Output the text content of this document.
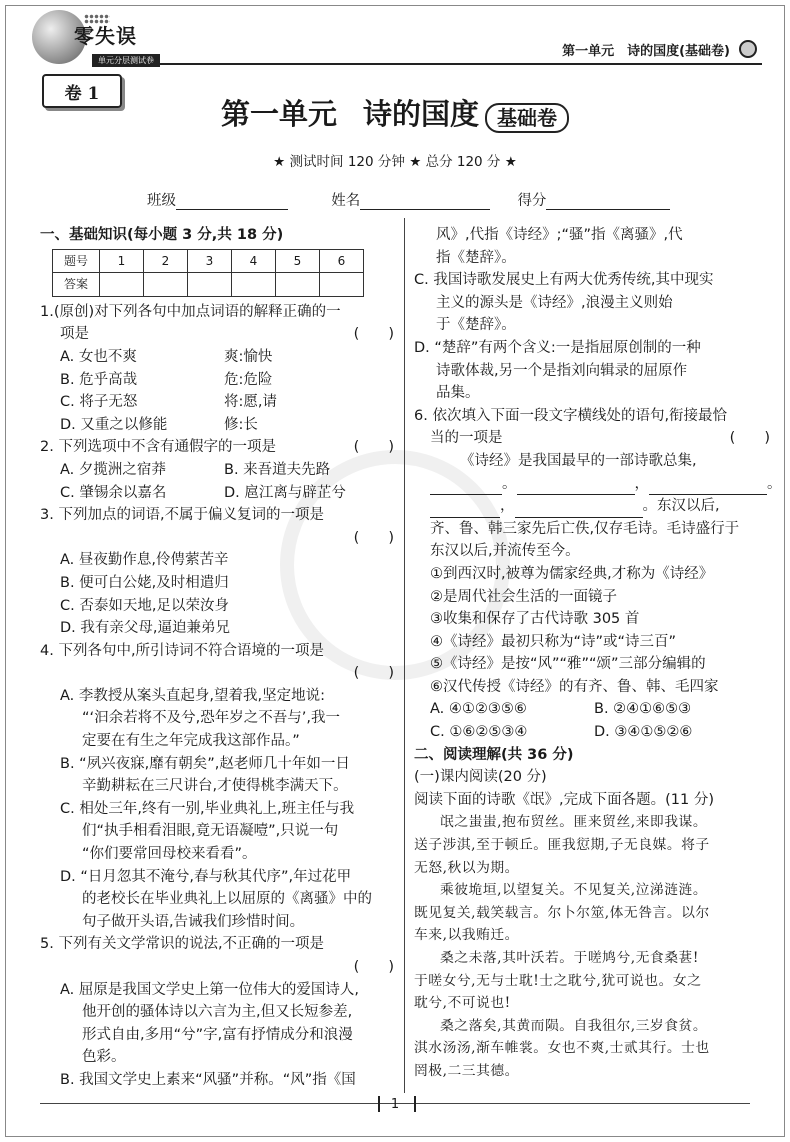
零失误
单元分层测试卷
第一单元　诗的国度(基础卷)
卷 1
第一单元 诗的国度 基础卷
★ 测试时间 120 分钟 ★ 总分 120 分 ★
班级	姓名	得分
一、基础知识(每小题 3 分,共 18 分)
题号	1	2	3	4	5	6
答案						
1.(原创)对下列各句中加点词语的解释正确的一
项是	(　　)
A. 女也不爽	爽:愉快
B. 危乎高哉	危:危险
C. 将子无怒	将:愿,请
D. 又重之以修能	修:长
2. 下列选项中不含有通假字的一项是	(　　)
A. 夕揽洲之宿莽	B. 来吾道夫先路
C. 肇锡余以嘉名	D. 扈江离与辟芷兮
3. 下列加点的词语,不属于偏义复词的一项是
(　　)
A. 昼夜勤作息,伶俜萦苦辛
B. 便可白公姥,及时相遣归
C. 否泰如天地,足以荣汝身
D. 我有亲父母,逼迫兼弟兄
4. 下列各句中,所引诗词不符合语境的一项是
(　　)
A. 李教授从案头直起身,望着我,坚定地说:
“‘汩余若将不及兮,恐年岁之不吾与’,我一
定要在有生之年完成我这部作品。”
B. “夙兴夜寐,靡有朝矣”,赵老师几十年如一日
辛勤耕耘在三尺讲台,才使得桃李满天下。
C. 相处三年,终有一别,毕业典礼上,班主任与我
们“执手相看泪眼,竟无语凝噎”,只说一句
“你们要常回母校来看看”。
D. “日月忽其不淹兮,春与秋其代序”,年过花甲
的老校长在毕业典礼上以屈原的《离骚》中的
句子做开头语,告诫我们珍惜时间。
5. 下列有关文学常识的说法,不正确的一项是
(　　)
A. 屈原是我国文学史上第一位伟大的爱国诗人,
他开创的骚体诗以六言为主,但又长短参差,
形式自由,多用“兮”字,富有抒情成分和浪漫
色彩。
B. 我国文学史上素来“风骚”并称。“风”指《国
风》,代指《诗经》;“骚”指《离骚》,代
指《楚辞》。
C. 我国诗歌发展史上有两大优秀传统,其中现实
主义的源头是《诗经》,浪漫主义则始
于《楚辞》。
D. “楚辞”有两个含义:一是指屈原创制的一种
诗歌体裁,另一个是指刘向辑录的屈原作
品集。
6. 依次填入下面一段文字横线处的语句,衔接最恰
当的一项是	(　　)
《诗经》是我国最早的一部诗歌总集,
。	，	。
，	。东汉以后,
齐、鲁、韩三家先后亡佚,仅存毛诗。毛诗盛行于
东汉以后,并流传至今。
①到西汉时,被尊为儒家经典,才称为《诗经》
②是周代社会生活的一面镜子
③收集和保存了古代诗歌 305 首
④《诗经》最初只称为“诗”或“诗三百”
⑤《诗经》是按“风”“雅”“颂”三部分编辑的
⑥汉代传授《诗经》的有齐、鲁、韩、毛四家
A. ④①②③⑤⑥	B. ②④①⑥⑤③
C. ①⑥②⑤③④	D. ③④①⑤②⑥
二、阅读理解(共 36 分)
(一)课内阅读(20 分)
阅读下面的诗歌《氓》,完成下面各题。(11 分)
氓之蚩蚩,抱布贸丝。匪来贸丝,来即我谋。
送子涉淇,至于顿丘。匪我愆期,子无良媒。将子
无怒,秋以为期。
乘彼垝垣,以望复关。不见复关,泣涕涟涟。
既见复关,载笑载言。尔卜尔筮,体无咎言。以尔
车来,以我贿迁。
桑之未落,其叶沃若。于嗟鸠兮,无食桑葚!
于嗟女兮,无与士耽!士之耽兮,犹可说也。女之
耽兮,不可说也!
桑之落矣,其黄而陨。自我徂尔,三岁食贫。
淇水汤汤,渐车帷裳。女也不爽,士贰其行。士也
罔极,二三其德。
1
